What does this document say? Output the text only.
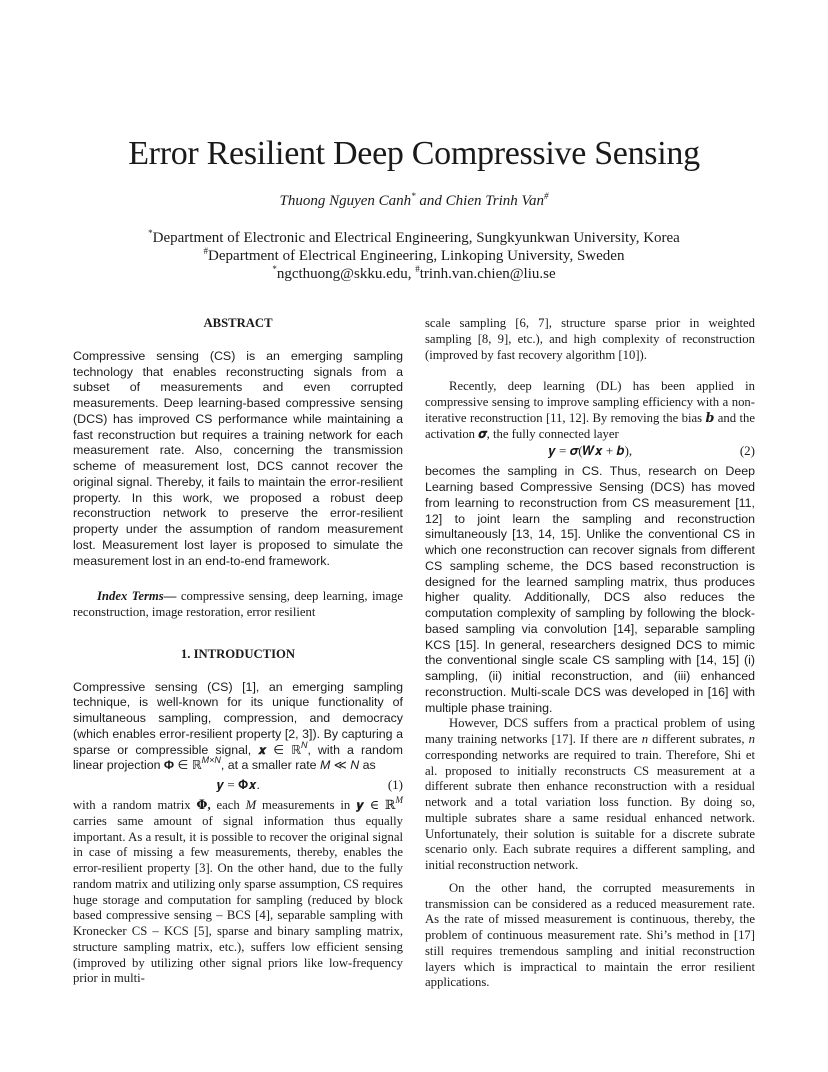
Error Resilient Deep Compressive Sensing
Thuong Nguyen Canh* and Chien Trinh Van#
*Department of Electronic and Electrical Engineering, Sungkyunkwan University, Korea
#Department of Electrical Engineering, Linkoping University, Sweden
*ngcthuong@skku.edu, #trinh.van.chien@liu.se

ABSTRACT

Compressive sensing (CS) is an emerging sampling technology that enables reconstructing signals from a subset of measurements and even corrupted measurements. Deep learning-based compressive sensing (DCS) has improved CS performance while maintaining a fast reconstruction but requires a training network for each measurement rate. Also, concerning the transmission scheme of measurement lost, DCS cannot recover the original signal. Thereby, it fails to maintain the error-resilient property. In this work, we proposed a robust deep reconstruction network to preserve the error-resilient property under the assumption of random measurement lost. Measurement lost layer is proposed to simulate the measurement lost in an end-to-end framework.

Index Terms— compressive sensing, deep learning, image reconstruction, image restoration, error resilient

1. INTRODUCTION

Compressive sensing (CS) [1], an emerging sampling technique, is well-known for its unique functionality of simultaneous sampling, compression, and democracy (which enables error-resilient property [2, 3]). By capturing a sparse or compressible signal, 𝒙 ∈ ℝ$^N$, with a random linear projection Φ ∈ ℝ$^{M\times N}$, at a smaller rate M ≪ N as

𝒚 = 𝚽𝒙.	(1)

with a random matrix 𝚽, each M measurements in 𝒚 ∈ ℝ$^M$ carries same amount of signal information thus equally important. As a result, it is possible to recover the original signal in case of missing a few measurements, thereby, enables the error-resilient property [3]. On the other hand, due to the fully random matrix and utilizing only sparse assumption, CS requires huge storage and computation for sampling (reduced by block based compressive sensing – BCS [4], separable sampling with Kronecker CS – KCS [5], sparse and binary sampling matrix, structure sampling matrix, etc.), suffers low efficient sensing (improved by utilizing other signal priors like low-frequency prior in multi-

scale sampling [6, 7], structure sparse prior in weighted sampling [8, 9], etc.), and high complexity of reconstruction (improved by fast recovery algorithm [10]).

Recently, deep learning (DL) has been applied in compressive sensing to improve sampling efficiency with a non-iterative reconstruction [11, 12]. By removing the bias 𝒃 and the activation 𝝈, the fully connected layer

𝒚 = 𝝈(𝑾𝒙 + 𝒃),	(2)

becomes the sampling in CS. Thus, research on Deep Learning based Compressive Sensing (DCS) has moved from learning to reconstruction from CS measurement [11, 12] to joint learn the sampling and reconstruction simultaneously [13, 14, 15]. Unlike the conventional CS in which one reconstruction can recover signals from different CS sampling scheme, the DCS based reconstruction is designed for the learned sampling matrix, thus produces higher quality. Additionally, DCS also reduces the computation complexity of sampling by following the block-based sampling via convolution [14], separable sampling KCS [15]. In general, researchers designed DCS to mimic the conventional single scale CS sampling with [14, 15] (i) sampling, (ii) initial reconstruction, and (iii) enhanced reconstruction. Multi-scale DCS was developed in [16] with multiple phase training.

However, DCS suffers from a practical problem of using many training networks [17]. If there are n different subrates, n corresponding networks are required to train. Therefore, Shi et al. proposed to initially reconstructs CS measurement at a different subrate then enhance reconstruction with a residual network and a total variation loss function. By doing so, multiple subrates share a same residual enhanced network. Unfortunately, their solution is suitable for a discrete subrate scenario only. Each subrate requires a different sampling, and initial reconstruction network.

On the other hand, the corrupted measurements in transmission can be considered as a reduced measurement rate. As the rate of missed measurement is continuous, thereby, the problem of continuous measurement rate. Shi’s method in [17] still requires tremendous sampling and initial reconstruction layers which is impractical to maintain the error resilient applications.
